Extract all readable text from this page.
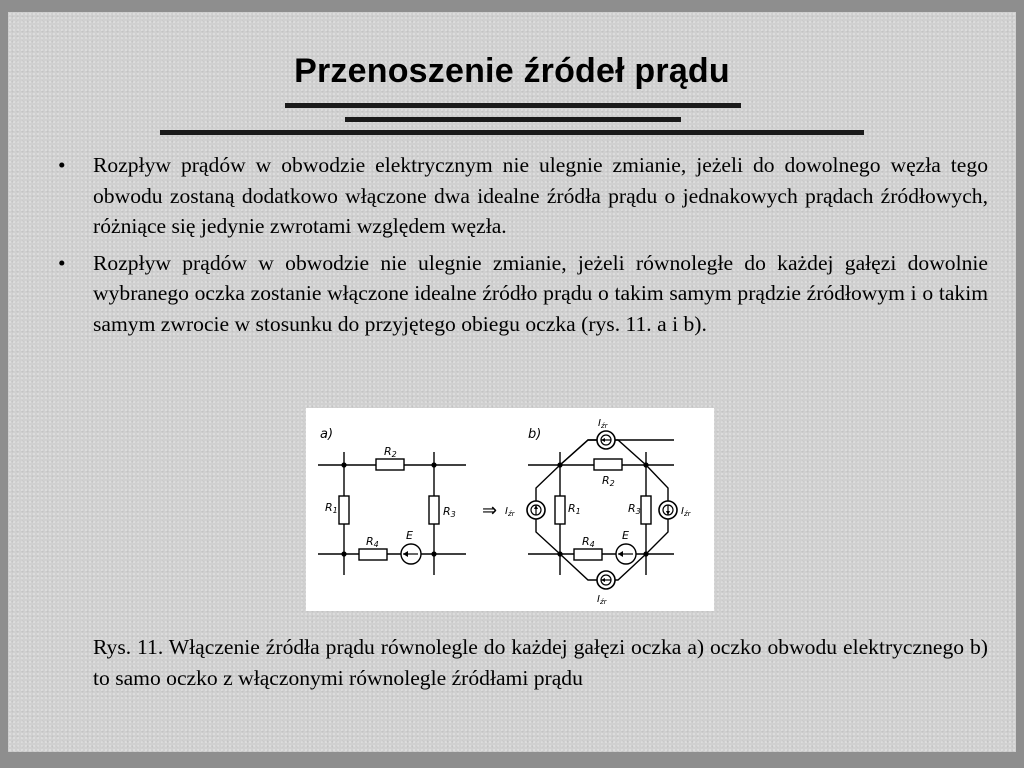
Przenoszenie źródeł prądu
• Rozpływ prądów w obwodzie elektrycznym nie ulegnie zmianie, jeżeli do dowolnego węzła tego obwodu zostaną dodatkowo włączone dwa idealne źródła prądu o jednakowych prądach źródłowych, różniące się jedynie zwrotami względem węzła.
• Rozpływ prądów w obwodzie nie ulegnie zmianie, jeżeli równoległe do każdej gałęzi dowolnie wybranego oczka zostanie włączone idealne źródło prądu o takim samym prądzie źródłowym i o takim samym zwrocie w stosunku do przyjętego obiegu oczka (rys. 11. a i b).
a)	b)
⇒
R2
R1	R3
R4
E
R2
R1	R3
R4
E
$I_{źr}$
$I_{źr}$	$I_{źr}$
$I_{źr}$
Rys. 11. Włączenie źródła prądu równolegle do każdej gałęzi oczka a) oczko obwodu elektrycznego b) to samo oczko z włączonymi równolegle źródłami prądu
